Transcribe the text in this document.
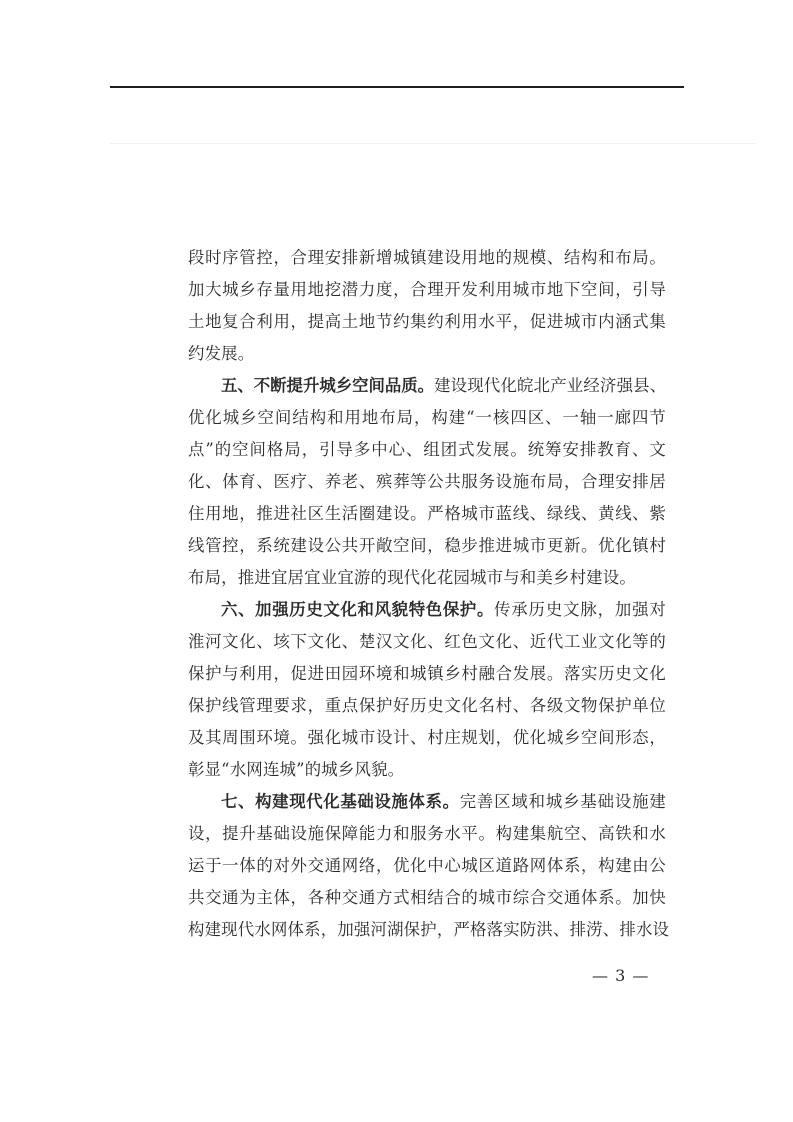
段时序管控，合理安排新增城镇建设用地的规模、结构和布局。
加大城乡存量用地挖潜力度，合理开发利用城市地下空间，引导
土地复合利用，提高土地节约集约利用水平，促进城市内涵式集
约发展。
五、不断提升城乡空间品质。建设现代化皖北产业经济强县、
优化城乡空间结构和用地布局，构建“一核四区、一轴一廊四节
点”的空间格局，引导多中心、组团式发展。统筹安排教育、文
化、体育、医疗、养老、殡葬等公共服务设施布局，合理安排居
住用地，推进社区生活圈建设。严格城市蓝线、绿线、黄线、紫
线管控，系统建设公共开敞空间，稳步推进城市更新。优化镇村
布局，推进宜居宜业宜游的现代化花园城市与和美乡村建设。
六、加强历史文化和风貌特色保护。传承历史文脉，加强对
淮河文化、垓下文化、楚汉文化、红色文化、近代工业文化等的
保护与利用，促进田园环境和城镇乡村融合发展。落实历史文化
保护线管理要求，重点保护好历史文化名村、各级文物保护单位
及其周围环境。强化城市设计、村庄规划，优化城乡空间形态，
彰显“水网连城”的城乡风貌。
七、构建现代化基础设施体系。完善区域和城乡基础设施建
设，提升基础设施保障能力和服务水平。构建集航空、高铁和水
运于一体的对外交通网络，优化中心城区道路网体系，构建由公
共交通为主体，各种交通方式相结合的城市综合交通体系。加快
构建现代水网体系，加强河湖保护，严格落实防洪、排涝、排水设
— 3 —
